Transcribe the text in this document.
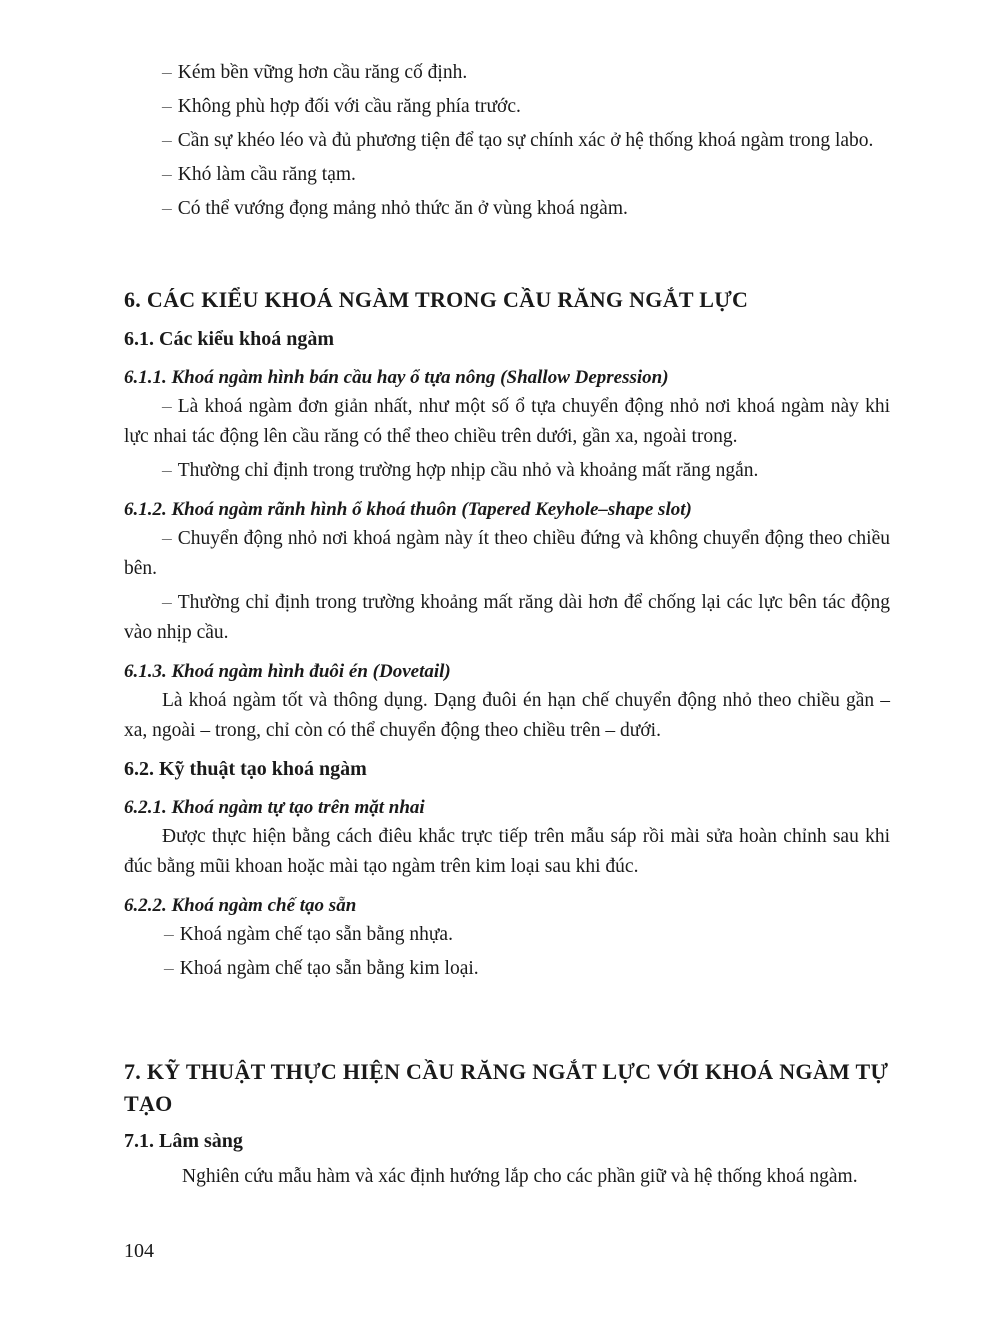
– Kém bền vững hơn cầu răng cố định.

– Không phù hợp đối với cầu răng phía trước.

– Cần sự khéo léo và đủ phương tiện để tạo sự chính xác ở hệ thống khoá ngàm trong labo.

– Khó làm cầu răng tạm.

– Có thể vướng đọng mảng nhỏ thức ăn ở vùng khoá ngàm.

6. CÁC KIỂU KHOÁ NGÀM TRONG CẦU RĂNG NGẮT LỰC

6.1. Các kiểu khoá ngàm

6.1.1. Khoá ngàm hình bán cầu hay ổ tựa nông (Shallow Depression)

– Là khoá ngàm đơn giản nhất, như một số ổ tựa chuyển động nhỏ nơi khoá ngàm này khi lực nhai tác động lên cầu răng có thể theo chiều trên dưới, gần xa, ngoài trong.

– Thường chỉ định trong trường hợp nhịp cầu nhỏ và khoảng mất răng ngắn.

6.1.2. Khoá ngàm rãnh hình ổ khoá thuôn (Tapered Keyhole–shape slot)

– Chuyển động nhỏ nơi khoá ngàm này ít theo chiều đứng và không chuyển động theo chiều bên.

– Thường chỉ định trong trường khoảng mất răng dài hơn để chống lại các lực bên tác động vào nhịp cầu.

6.1.3. Khoá ngàm hình đuôi én (Dovetail)

Là khoá ngàm tốt và thông dụng. Dạng đuôi én hạn chế chuyển động nhỏ theo chiều gần – xa, ngoài – trong, chỉ còn có thể chuyển động theo chiều trên – dưới.

6.2. Kỹ thuật tạo khoá ngàm

6.2.1. Khoá ngàm tự tạo trên mặt nhai

Được thực hiện bằng cách điêu khắc trực tiếp trên mẫu sáp rồi mài sửa hoàn chỉnh sau khi đúc bằng mũi khoan hoặc mài tạo ngàm trên kim loại sau khi đúc.

6.2.2. Khoá ngàm chế tạo sẵn

– Khoá ngàm chế tạo sẵn bằng nhựa.

– Khoá ngàm chế tạo sẵn bằng kim loại.

7. KỸ THUẬT THỰC HIỆN CẦU RĂNG NGẮT LỰC VỚI KHOÁ NGÀM TỰ TẠO

7.1. Lâm sàng

Nghiên cứu mẫu hàm và xác định hướng lắp cho các phần giữ và hệ thống khoá ngàm.

104
